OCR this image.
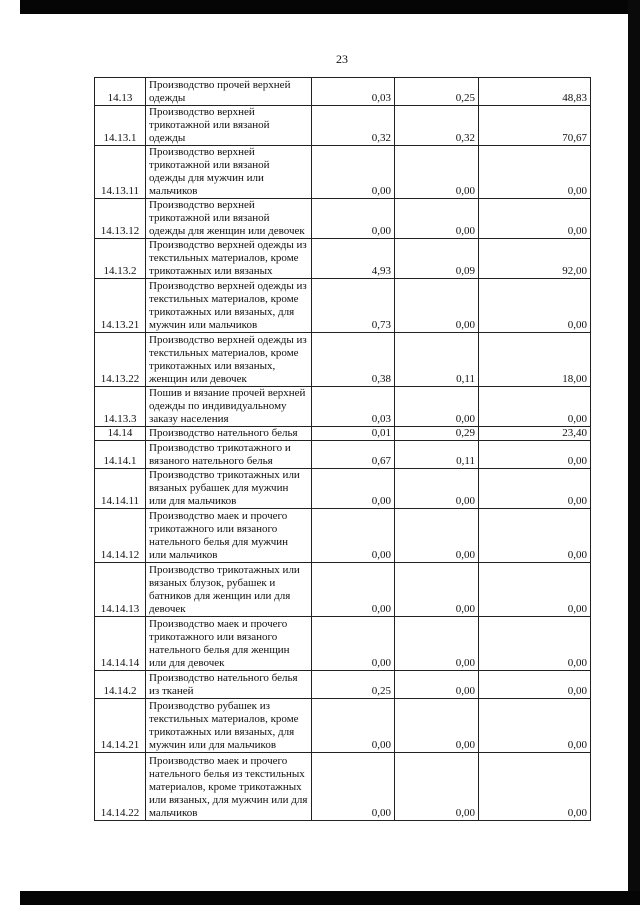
23
14.13	Производство прочей верхней одежды	0,03	0,25	48,83
14.13.1	Производство верхней трикотажной или вязаной одежды	0,32	0,32	70,67
14.13.11	Производство верхней трикотажной или вязаной одежды для мужчин или мальчиков	0,00	0,00	0,00
14.13.12	Производство верхней трикотажной или вязаной одежды для женщин или девочек	0,00	0,00	0,00
14.13.2	Производство верхней одежды из текстильных материалов, кроме трикотажных или вязаных	4,93	0,09	92,00
14.13.21	Производство верхней одежды из текстильных материалов, кроме трикотажных или вязаных, для мужчин или мальчиков	0,73	0,00	0,00
14.13.22	Производство верхней одежды из текстильных материалов, кроме трикотажных или вязаных, женщин или девочек	0,38	0,11	18,00
14.13.3	Пошив и вязание прочей верхней одежды по индивидуальному заказу населения	0,03	0,00	0,00
14.14	Производство нательного белья	0,01	0,29	23,40
14.14.1	Производство трикотажного и вязаного нательного белья	0,67	0,11	0,00
14.14.11	Производство трикотажных или вязаных рубашек для мужчин или для мальчиков	0,00	0,00	0,00
14.14.12	Производство маек и прочего трикотажного или вязаного нательного белья для мужчин или мальчиков	0,00	0,00	0,00
14.14.13	Производство трикотажных или вязаных блузок, рубашек и батников для женщин или для девочек	0,00	0,00	0,00
14.14.14	Производство маек и прочего трикотажного или вязаного нательного белья для женщин или для девочек	0,00	0,00	0,00
14.14.2	Производство нательного белья из тканей	0,25	0,00	0,00
14.14.21	Производство рубашек из текстильных материалов, кроме трикотажных или вязаных, для мужчин или для мальчиков	0,00	0,00	0,00
14.14.22	Производство маек и прочего нательного белья из текстильных материалов, кроме трикотажных или вязаных, для мужчин или для мальчиков	0,00	0,00	0,00
